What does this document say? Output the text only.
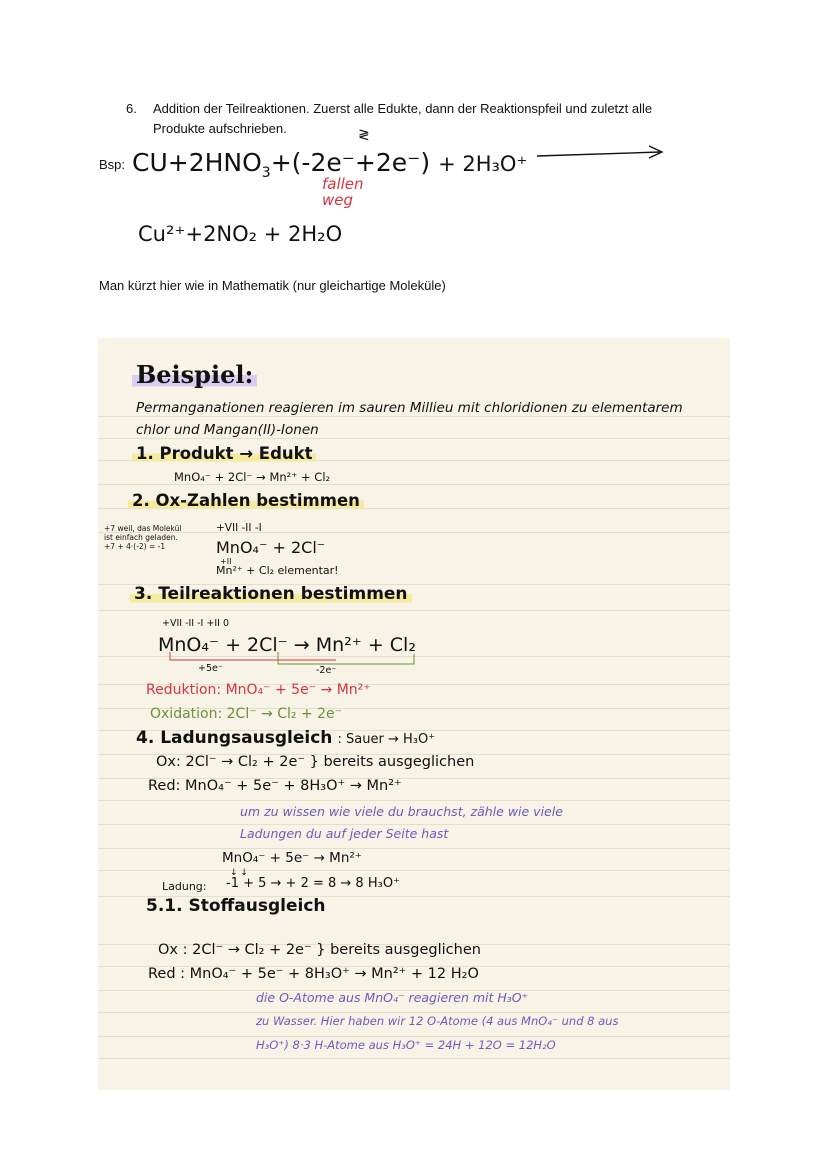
6. Addition der Teilreaktionen. Zuerst alle Edukte, dann der Reaktionspfeil und zuletzt alle
Produkte aufschrieben.
Bsp: $CU+2HNO_3+(-2e^-+2e^-) + 2H_3O^+$
≷
fallen weg
Cu²⁺+2NO₂ + 2H₂O
Man kürzt hier wie in Mathematik (nur gleichartige Moleküle)
Beispiel:
Permanganationen reagieren im sauren Millieu mit chloridionen zu elementarem
chlor und Mangan(II)-Ionen
1. Produkt → Edukt
MnO₄⁻ + 2Cl⁻ → Mn²⁺ + Cl₂
2. Ox-Zahlen bestimmen
+7 weil, das Molekül
ist einfach geladen.
+7 + 4·(-2) = -1
+VII -II -I
MnO₄⁻ + 2Cl⁻
+II
Mn²⁺ + Cl₂ elementar!
3. Teilreaktionen bestimmen
+VII -II -I +II 0
MnO₄⁻ + 2Cl⁻ → Mn²⁺ + Cl₂
+5e⁻	-2e⁻
Reduktion: MnO₄⁻ + 5e⁻ → Mn²⁺
Oxidation: 2Cl⁻ → Cl₂ + 2e⁻
4. Ladungsausgleich : Sauer → H₃O⁺
Ox: 2Cl⁻ → Cl₂ + 2e⁻ } bereits ausgeglichen
Red: MnO₄⁻ + 5e⁻ + 8H₃O⁺ → Mn²⁺
um zu wissen wie viele du brauchst, zähle wie viele
Ladungen du auf jeder Seite hast
MnO₄⁻ + 5e⁻ → Mn²⁺
↓ ↓
Ladung: -1 + 5 → + 2 = 8 → 8 H₃O⁺
5.1. Stoffausgleich
Ox : 2Cl⁻ → Cl₂ + 2e⁻ } bereits ausgeglichen
Red : MnO₄⁻ + 5e⁻ + 8H₃O⁺ → Mn²⁺ + 12 H₂O
die O-Atome aus MnO₄⁻ reagieren mit H₃O⁺
zu Wasser. Hier haben wir 12 O-Atome (4 aus MnO₄⁻ und 8 aus
H₃O⁺) 8·3 H-Atome aus H₃O⁺ = 24H + 12O = 12H₂O
